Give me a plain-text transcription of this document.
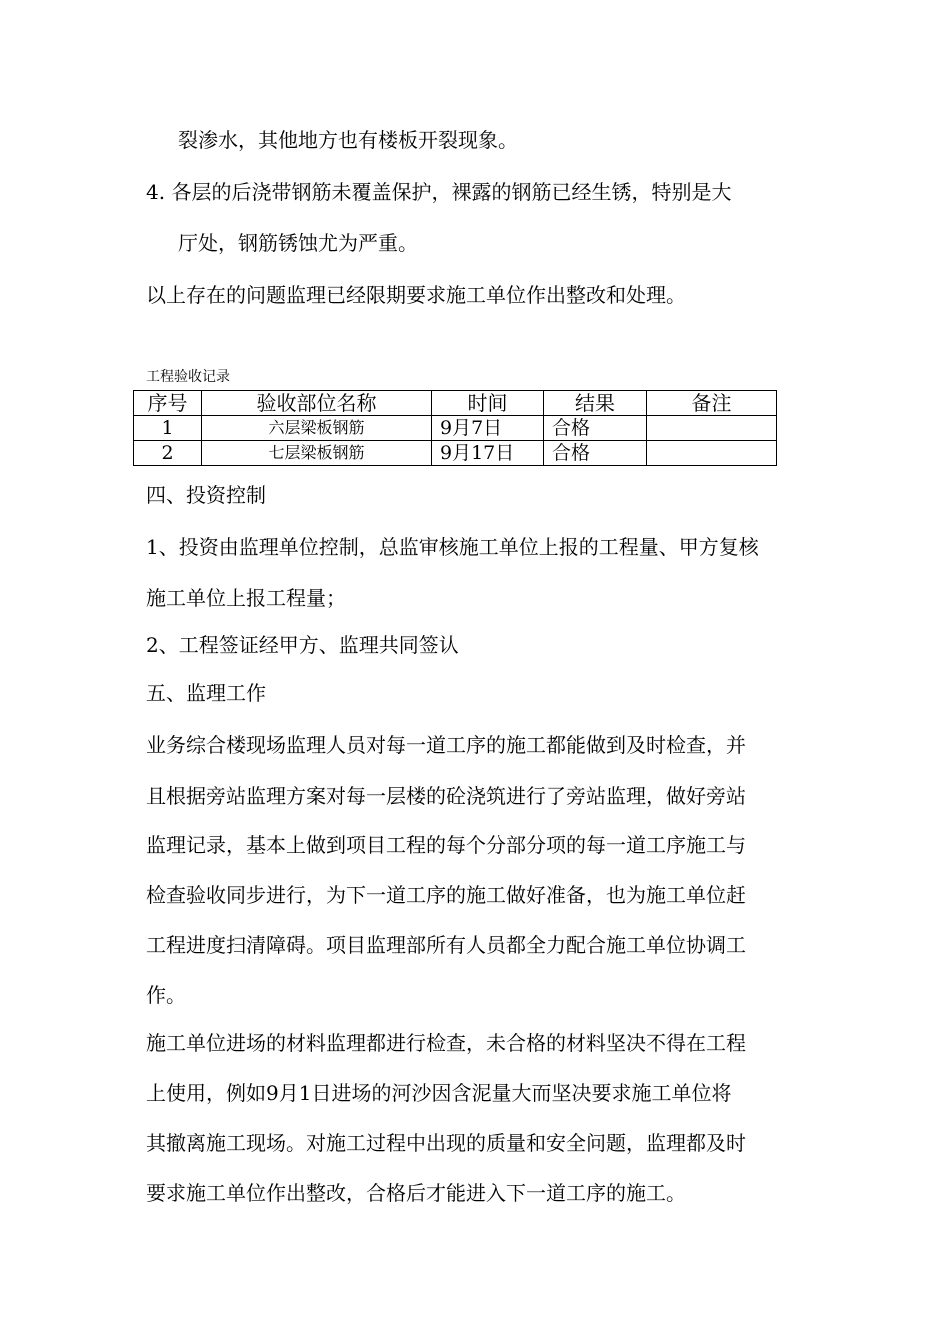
裂渗水，其他地方也有楼板开裂现象。
4. 各层的后浇带钢筋未覆盖保护，裸露的钢筋已经生锈，特别是大
厅处，钢筋锈蚀尤为严重。
以上存在的问题监理已经限期要求施工单位作出整改和处理。
工程验收记录
序号	验收部位名称	时间	结果	备注
1	六层梁板钢筋	9月7日	合格	
2	七层梁板钢筋	9月17日	合格	
四、投资控制
1、投资由监理单位控制，总监审核施工单位上报的工程量、甲方复核
施工单位上报工程量；
2、工程签证经甲方、监理共同签认
五、监理工作
业务综合楼现场监理人员对每一道工序的施工都能做到及时检查，并
且根据旁站监理方案对每一层楼的砼浇筑进行了旁站监理，做好旁站
监理记录，基本上做到项目工程的每个分部分项的每一道工序施工与
检查验收同步进行，为下一道工序的施工做好准备，也为施工单位赶
工程进度扫清障碍。项目监理部所有人员都全力配合施工单位协调工
作。
施工单位进场的材料监理都进行检查，未合格的材料坚决不得在工程
上使用，例如9月1日进场的河沙因含泥量大而坚决要求施工单位将
其撤离施工现场。对施工过程中出现的质量和安全问题，监理都及时
要求施工单位作出整改，合格后才能进入下一道工序的施工。
